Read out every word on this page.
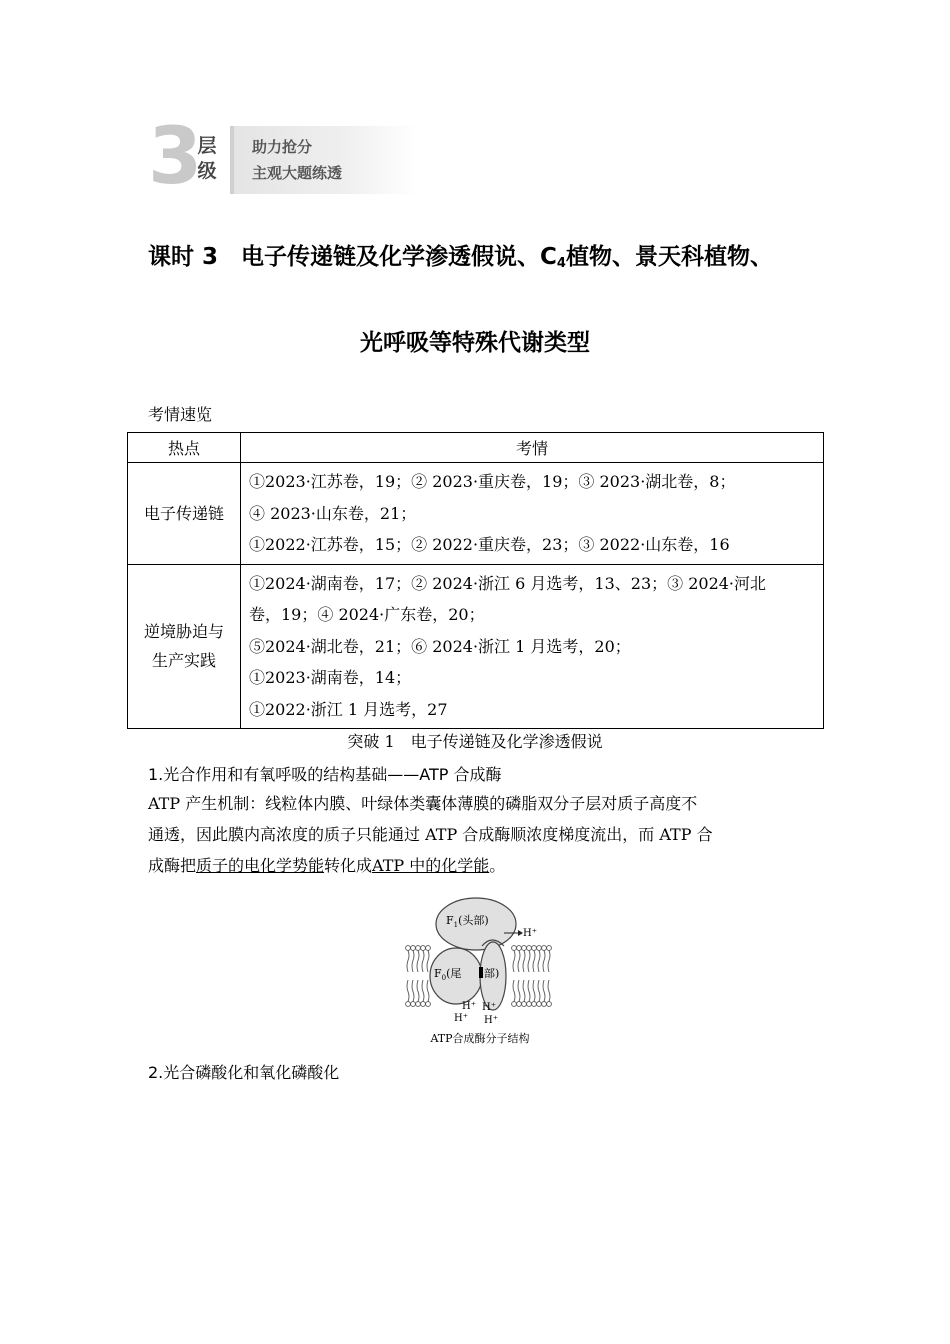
3
层级
助力抢分
主观大题练透
课时 3　电子传递链及化学渗透假说、$C_4$植物、景天科植物、
光呼吸等特殊代谢类型
考情速览
热点	考情
电子传递链	①2023·江苏卷，19；② 2023·重庆卷，19；③ 2023·湖北卷，8；
④ 2023·山东卷，21；
①2022·江苏卷，15；② 2022·重庆卷，23；③ 2022·山东卷，16

逆境胁迫与生产实践	①2024·湖南卷，17；② 2024·浙江 6 月选考，13、23；③ 2024·河北
卷，19；④ 2024·广东卷，20；
⑤2024·湖北卷，21；⑥ 2024·浙江 1 月选考，20；
①2023·湖南卷，14；
①2022·浙江 1 月选考，27
突破 1　电子传递链及化学渗透假说
1.光合作用和有氧呼吸的结构基础——ATP 合成酶
ATP 产生机制：线粒体内膜、叶绿体类囊体薄膜的磷脂双分子层对质子高度不
通透，因此膜内高浓度的质子只能通过 ATP 合成酶顺浓度梯度流出，而 ATP 合
成酶把质子的电化学势能转化成ATP 中的化学能。
$F_1$(头部)
$F_0$(尾 部)
H⁺
H⁺ H⁺
H⁺ H⁺
ATP合成酶分子结构
2.光合磷酸化和氧化磷酸化
